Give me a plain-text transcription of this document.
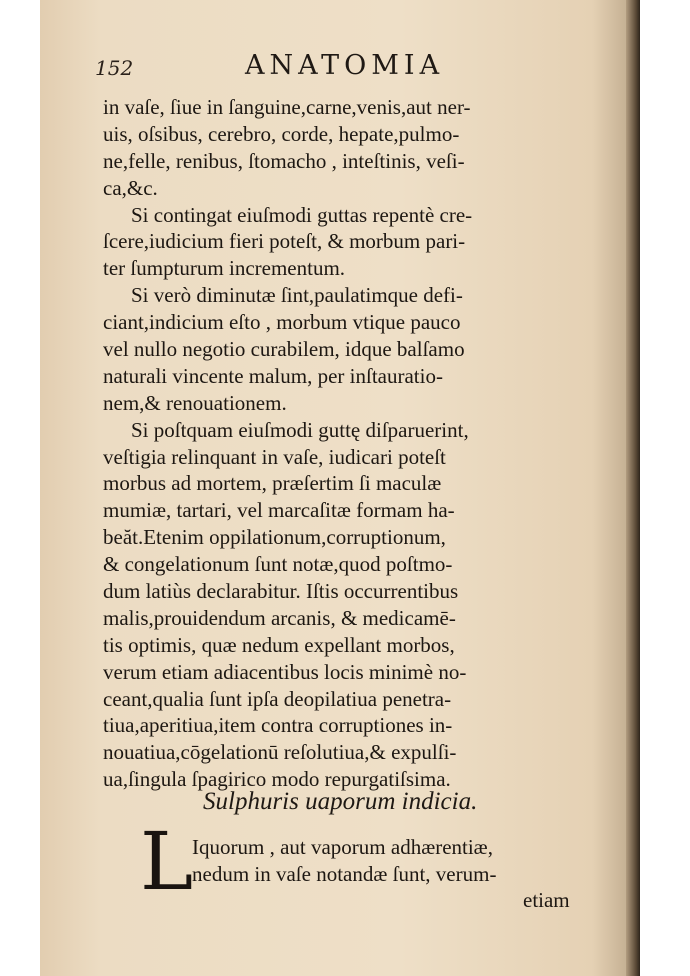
152	ANATOMIA
in vaſe, ſiue in ſanguine,carne,venis,aut ner-
uis, oſsibus, cerebro, corde, hepate,pulmo-
ne,felle, renibus, ſtomacho , inteſtinis, veſi-
ca,&c.
Si contingat eiuſmodi guttas repentè cre-
ſcere,iudicium fieri poteſt, & morbum pari-
ter ſumpturum incrementum.
Si verò diminutæ ſint,paulatimque defi-
ciant,indicium eſto , morbum vtique pauco
vel nullo negotio curabilem, idque balſamo
naturali vincente malum, per inſtauratio-
nem,& renouationem.
Si poſtquam eiuſmodi guttę diſparuerint,
veſtigia relinquant in vaſe, iudicari poteſt
morbus ad mortem, præſertim ſi maculæ
mumiæ, tartari, vel marcaſitæ formam ha-
beăt.Etenim oppilationum,corruptionum,
& congelationum ſunt notæ,quod poſtmo-
dum latiùs declarabitur. Iſtis occurrentibus
malis,prouidendum arcanis, & medicamē-
tis optimis, quæ nedum expellant morbos,
verum etiam adiacentibus locis minimè no-
ceant,qualia ſunt ipſa deopilatiua penetra-
tiua,aperitiua,item contra corruptiones in-
nouatiua,cōgelationū reſolutiua,& expulſi-
ua,ſingula ſpagirico modo repurgatiſsima.
Sulphuris uaporum indicia.
L
Iquorum , aut vaporum adhærentiæ,
nedum in vaſe notandæ ſunt, verum-
etiam
